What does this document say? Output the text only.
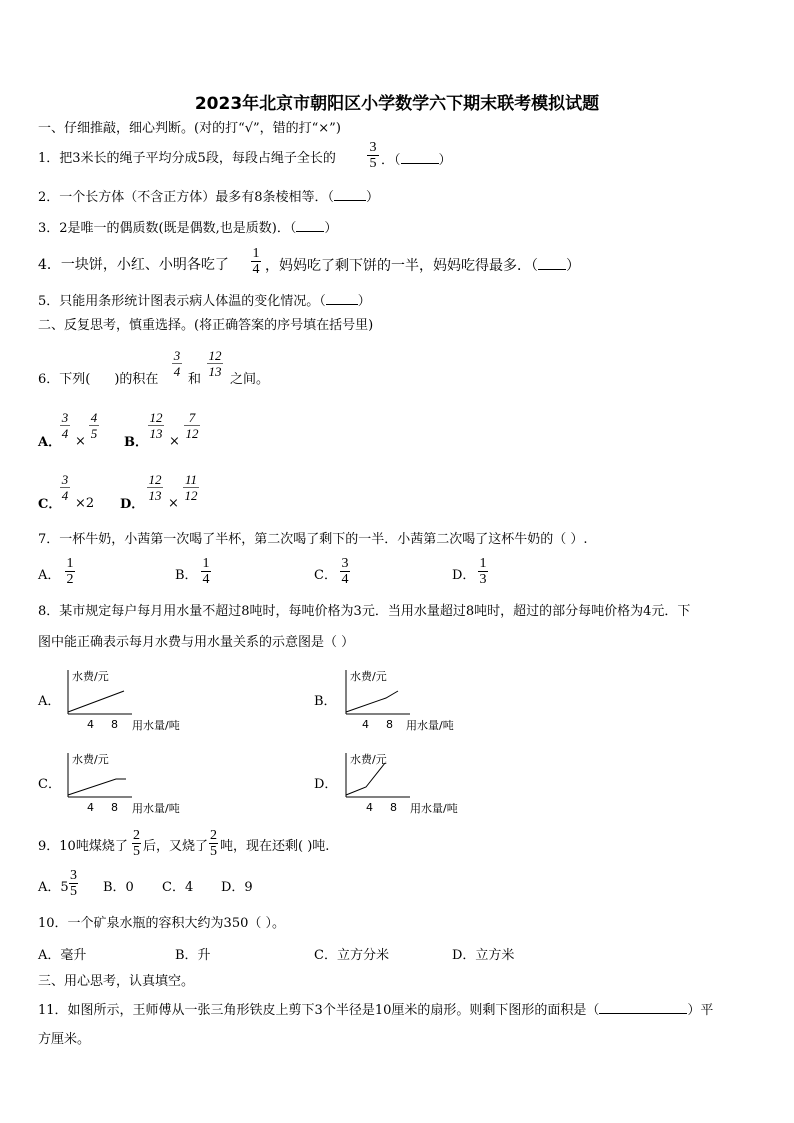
2023年北京市朝阳区小学数学六下期末联考模拟试题
一、仔细推敲，细心判断。(对的打“√”，错的打“×”)
1．把3米长的绳子平均分成5段，每段占绳子全长的
3
5 ．（	）
2．一个长方体（不含正方体）最多有8条棱相等．（ ）
3．2是唯一的偶质数(既是偶数,也是质数)．（ ）
4．一块饼，小红、小明各吃了
1
4 ，妈妈吃了剩下饼的一半，妈妈吃得最多．（ ）
5．只能用条形统计图表示病人体温的变化情况。（ ）
二、反复思考，慎重选择。(将正确答案的序号填在括号里)
6．下列( )的积在
3
4
和
12
13
之间。
A．
3
4
×
4
5
B．
12
13
×
7
12
C．
3
4
×2 D．
12
13
×
11
12
7．一杯牛奶，小茜第一次喝了半杯，第二次喝了剩下的一半．小茜第二次喝了这杯牛奶的（ ）.
A．
1
2	B．
1
4	C．
3
4	D．
1
3
8．某市规定每户每月用水量不超过8吨时，每吨价格为3元．当用水量超过8吨时，超过的部分每吨价格为4元．下
图中能正确表示每月水费与用水量关系的示意图是（ ）
A．	B．
C．	D．
水费/元
4 8 用水量/吨
水费/元
4 8 用水量/吨
水费/元
4 8 用水量/吨
水费/元
4 8 用水量/吨
9．10吨煤烧了
2
5 后，又烧了
2
5 吨，现在还剩( )吨.
A．5
3
5 B．0 C．4 D．9
10．一个矿泉水瓶的容积大约为350（ ）。
A．毫升	B．升	C．立方分米	D．立方米
三、用心思考，认真填空。
11．如图所示，王师傅从一张三角形铁皮上剪下3个半径是10厘米的扇形。则剩下图形的面积是（	）平
方厘米。
